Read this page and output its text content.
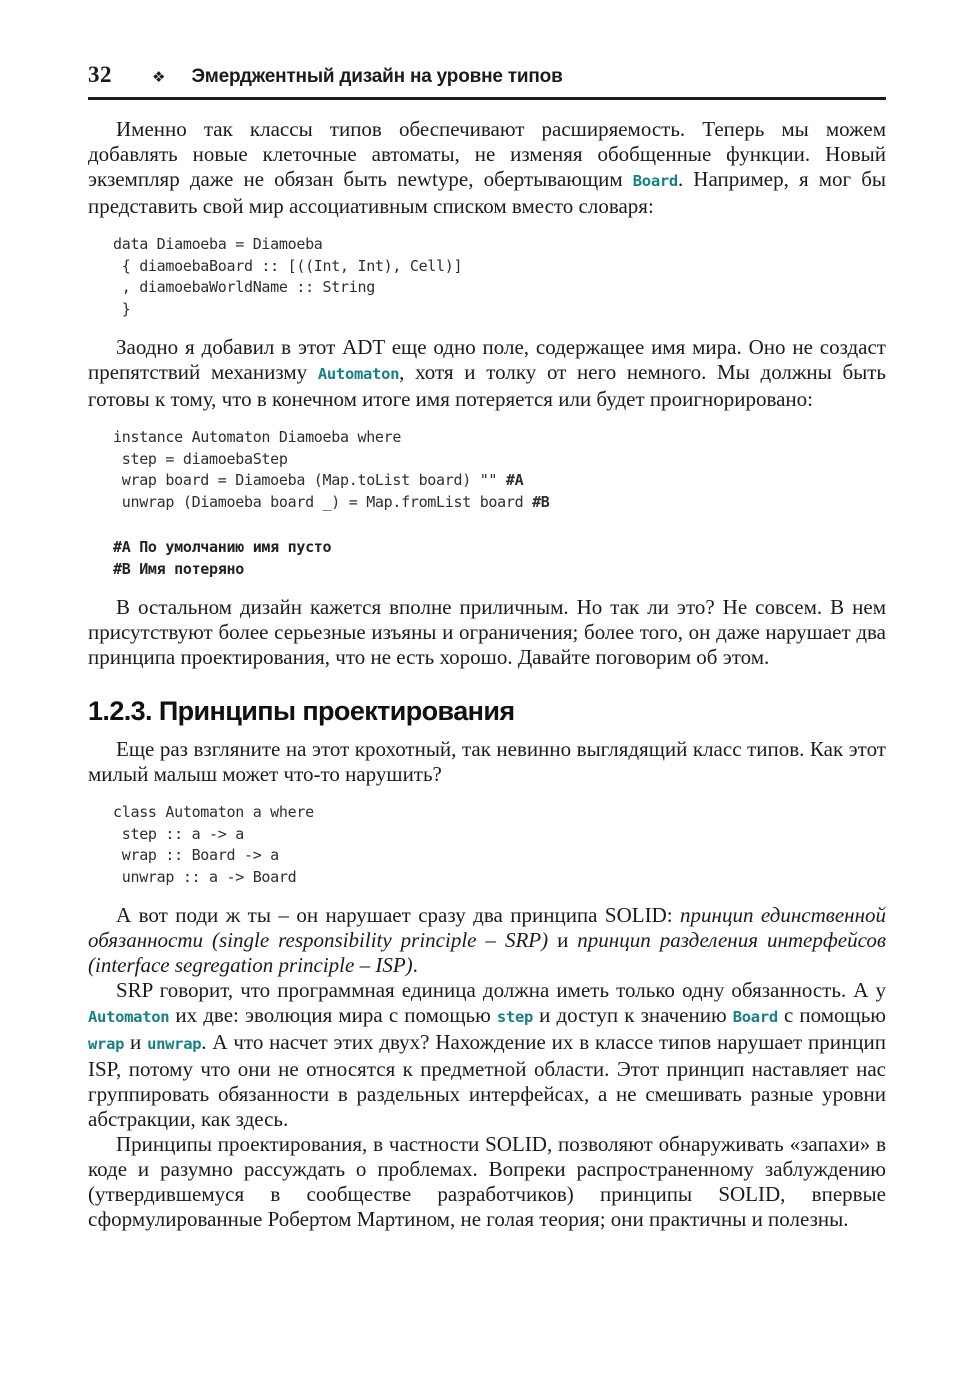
32	❖ Эмерджентный дизайн на уровне типов

Именно так классы типов обеспечивают расширяемость. Теперь мы можем добавлять новые клеточные автоматы, не изменяя обобщенные функции. Новый экземпляр даже не обязан быть newtype, обертывающим Board. Например, я мог бы представить свой мир ассоциативным списком вместо словаря:

data Diamoeba = Diamoeba
{ diamoebaBoard :: [((Int, Int), Cell)]
, diamoebaWorldName :: String
}

Заодно я добавил в этот ADT еще одно поле, содержащее имя мира. Оно не создаст препятствий механизму Automaton, хотя и толку от него немного. Мы должны быть готовы к тому, что в конечном итоге имя потеряется или будет проигнорировано:

instance Automaton Diamoeba where
step = diamoebaStep
wrap board = Diamoeba (Map.toList board) "" #A
unwrap (Diamoeba board _) = Map.fromList board #B
#A По умолчанию имя пусто
#B Имя потеряно

В остальном дизайн кажется вполне приличным. Но так ли это? Не совсем. В нем присутствуют более серьезные изъяны и ограничения; более того, он даже нарушает два принципа проектирования, что не есть хорошо. Давайте поговорим об этом.

1.2.3. Принципы проектирования

Еще раз взгляните на этот крохотный, так невинно выглядящий класс типов. Как этот милый малыш может что-то нарушить?

class Automaton a where
step :: a -> a
wrap :: Board -> a
unwrap :: a -> Board

А вот поди ж ты – он нарушает сразу два принципа SOLID: принцип единственной обязанности (single responsibility principle – SRP) и принцип разделения интерфейсов (interface segregation principle – ISP).

SRP говорит, что программная единица должна иметь только одну обязанность. А у Automaton их две: эволюция мира с помощью step и доступ к значению Board с помощью wrap и unwrap. А что насчет этих двух? Нахождение их в классе типов нарушает принцип ISP, потому что они не относятся к предметной области. Этот принцип наставляет нас группировать обязанности в раздельных интерфейсах, а не смешивать разные уровни абстракции, как здесь.

Принципы проектирования, в частности SOLID, позволяют обнаруживать «запахи» в коде и разумно рассуждать о проблемах. Вопреки распространенному заблуждению (утвердившемуся в сообществе разработчиков) принципы SOLID, впервые сформулированные Робертом Мартином, не голая теория; они практичны и полезны.
